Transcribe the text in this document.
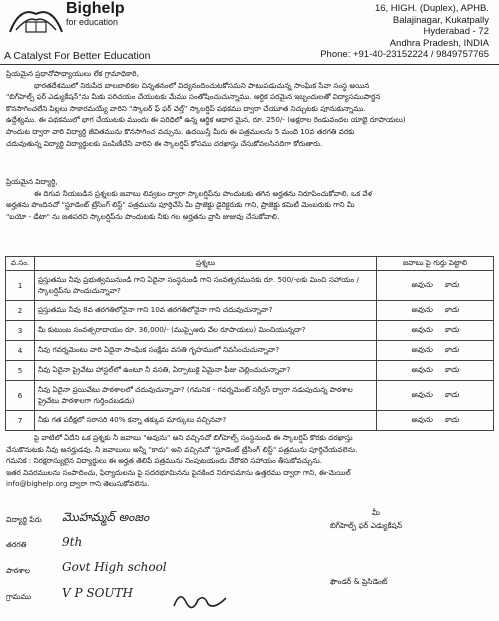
Bighelp
for education
16, HIGH. (Duplex), APHB.
Balajinagar, Kukatpally
Hyderabad - 72
Andhra Pradesh, INDIA
Phone: +91-40-23152224 / 9849757765
A Catalyst For Better Education
ప్రియమైన ప్రధానోపాధ్యాయులు లేక గ్రామాధికారి,
భారతదేశములో నిరుపేద బాలబాలికల చిన్నతనంలో విద్యనందించుటకోసమని పాటుపడుచున్న సాంఘిక సేవా సంస్థ అయిన
"బిగ్‌హెల్ప్ ఫర్ ఎడ్యుకేషన్"ను మీకు పరిచయం చేయుటకు మేము సంతోషించుచున్నాము. ఆర్థిక పరమైన ఇబ్బందులతో విద్యాసముపార్జన
కొనసాగించలేని పిల్లలు సాకారమయ్యే వారిని "స్కాలర్ ఫ్ ఫర్ వెల్త్" స్కాలర్షిప్ పథకము ద్వారా చేయూత నిచ్చుటకు పూనుకున్నాము.
ఉద్దేశ్యము. ఈ పథకములో భాగ చేయుటకు ముందు ఈ పరిధిలో ఉన్న ఆర్థిక ఆధార మైన, రూ. 250/- (అక్షరాల రెండువందల యాభై రూపాయలు)
పొందుట ద్వారా వారి విద్యార్థి జీవితమును కొనసాగించ వచ్చును. ఉదయిస్తే మీరు ఈ పత్రములను 5 మంది 10వ తరగతి వరకు
చదువుతున్న విద్యార్థి విద్యార్థులకు పంపిణీచేసి వారిని ఈ స్కాలర్షిప్ కోసము దరఖాస్తు చేసుకోవలసినదిగా కోరుతారు.
ప్రియమైన విద్యార్థి,
ఈ దిగువ నీయబడిన ప్రశ్నలకు జవాబు లివ్వటం ద్వారా స్కాలర్షిప్‌ను పొందుటకు తగిన అర్హతను నిరూపించుకోవాలి. ఒక వేళ
అర్హతను పొందినచో "స్టూడెంట్ ట్రేసింగ్ లిస్ట్" పత్రమును పూర్తిచేసి మీ ప్రాజెక్టు డైరెక్టరుకు గాని, ప్రాజెక్టు కమిటీ మెంబరుకు గాని మీ
"బయో - డేటా" ను జతపరచి స్కాలర్షిప్‌ను పొందుటకు నీకు గల అర్హతను వ్రాసి జుజువు చేసుకోవాలి.
వ.సం.	ప్రశ్నలు	జవాబు పై గుర్తు పెట్టాలి
1	ప్రస్తుతము నీవు ప్రభుత్వమునుండి గాని ఏదైనా సంస్థనుండి గాని సంవత్సరమునకు రూ. 500/-లకు మించి సహాయం / స్కాలర్షిప్‌ను పొందుచున్నావా?	అవును కాదు
2	ప్రస్తుతము నీవు 8వ తరగతిలోనైనా గాని 10వ తరగతిలోనైనా గాని చదువుచున్నావా?	అవును కాదు
3	మీ కుటుంబ సంవత్సరాదాయం రూ. 36,000/- (ముప్పైఆరు వేల రూపాయలు) మించియున్నదా?	అవును కాదు
4	నీవు గవర్నమెంటు వారి ఏదైనా సాంఘిక సంక్షేమ వసతి గృహములో నివసించుచున్నావా?	అవును కాదు
5	నీవు ఏదైనా ప్రైవేటు హాస్టల్‌లో ఉంటూ నీ వసతి, ఏర్పాటుకై ఏమైనా ఫీజు చెల్లించుచున్నావా?	అవును కాదు
6	నీవు ఏదైనా ప్రయివేటు పాఠశాలలో చదువుచున్నావా? (గమనిక - గవర్నమెంట్ సర్వీస్ ద్వారా నడుపుచున్న పాఠశాల ప్రైవేటు పాఠశాలగా గుర్తించబడదు)	అవును కాదు
7	నీకు గత పరీక్షలో సరాసరి 40% కన్నా తక్కువ మార్కులు వచ్చినవా?	అవును కాదు
పై వాటిలో ఏదేని ఒక ప్రశ్నకు నీ జవాబు "అవును" అని వచ్చినచో బిగ్‌హెల్ప్ సంస్థనుండి ఈ స్కాలర్షిప్ కొరకు దరఖాస్తు
చేసుకొనుటకు నీవు అనర్హుడవు. నీ జవాబులు అన్నీ "కాదు" అని వచ్చినచో "స్టూడెంట్ ట్రేసింగ్ లిస్ట్" పత్రమును పూర్తిచేయవలెను.
గమనిక : నిరక్షరాస్యులైన విద్యార్థులు ఈ అర్హత తెలిపే పత్రమును నింపుటయందు వేరొకరి సహాయం తీసుకోవచ్చును.
ఇతర వివరములను సంపాదించు, ఫిర్యాదులను పై సదరభూమినను పైనకింద నిరూపమాసు ఉత్తరము ద్వారా గాని, ఈ-మెయిల్
info@bighelp.org ద్వారా గాని తెలుసుకోవలెను.
విద్యార్థి పేరు మొహమ్మద్ అంజం
తరగతి	9th
పాఠశాల	Govt High school
గ్రామము	V P SOUTH
మీ
బిగ్‌హెల్ప్ ఫర్ ఎడ్యుకేషన్
ఫౌండర్ & ప్రెసిడెంట్
